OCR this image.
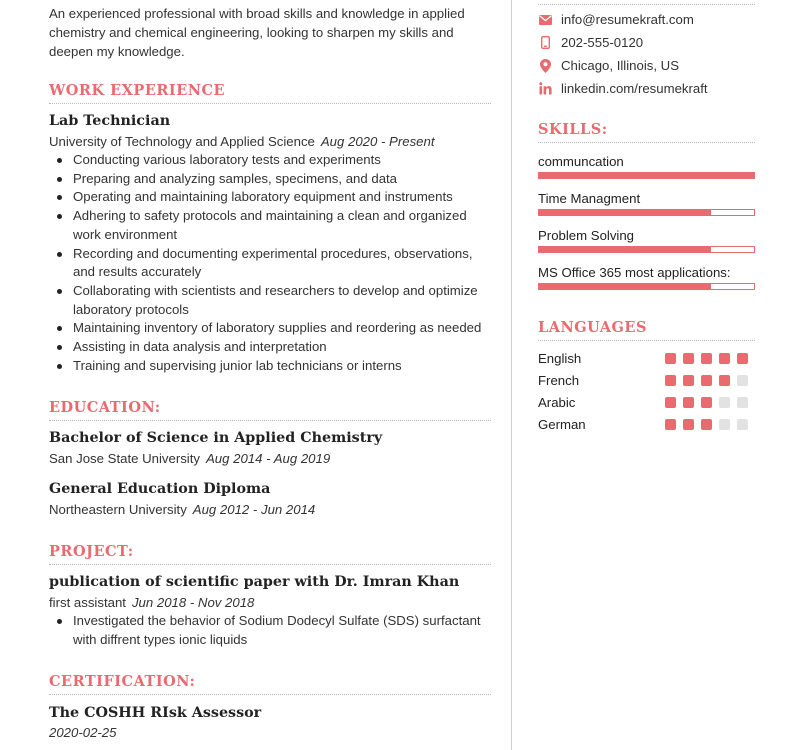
An experienced professional with broad skills and knowledge in applied chemistry and chemical engineering, looking to sharpen my skills and deepen my knowledge.

WORK EXPERIENCE
Lab Technician
University of Technology and Applied Science Aug 2020 - Present
Conducting various laboratory tests and experiments
Preparing and analyzing samples, specimens, and data
Operating and maintaining laboratory equipment and instruments
Adhering to safety protocols and maintaining a clean and organized work environment
Recording and documenting experimental procedures, observations, and results accurately
Collaborating with scientists and researchers to develop and optimize laboratory protocols
Maintaining inventory of laboratory supplies and reordering as needed
Assisting in data analysis and interpretation
Training and supervising junior lab technicians or interns
EDUCATION:
Bachelor of Science in Applied Chemistry
San Jose State University Aug 2014 - Aug 2019
General Education Diploma
Northeastern University Aug 2012 - Jun 2014
PROJECT:
publication of scientific paper with Dr. Imran Khan
first assistant Jun 2018 - Nov 2018
Investigated the behavior of Sodium Dodecyl Sulfate (SDS) surfactant with diffrent types ionic liquids
CERTIFICATION:
The COSHH RIsk Assessor
2020-02-25
info@resumekraft.com
202-555-0120
Chicago, Illinois, US
linkedin.com/resumekraft
SKILLS:
communcation
Time Managment
Problem Solving
MS Office 365 most applications:
LANGUAGES
English
French
Arabic
German
